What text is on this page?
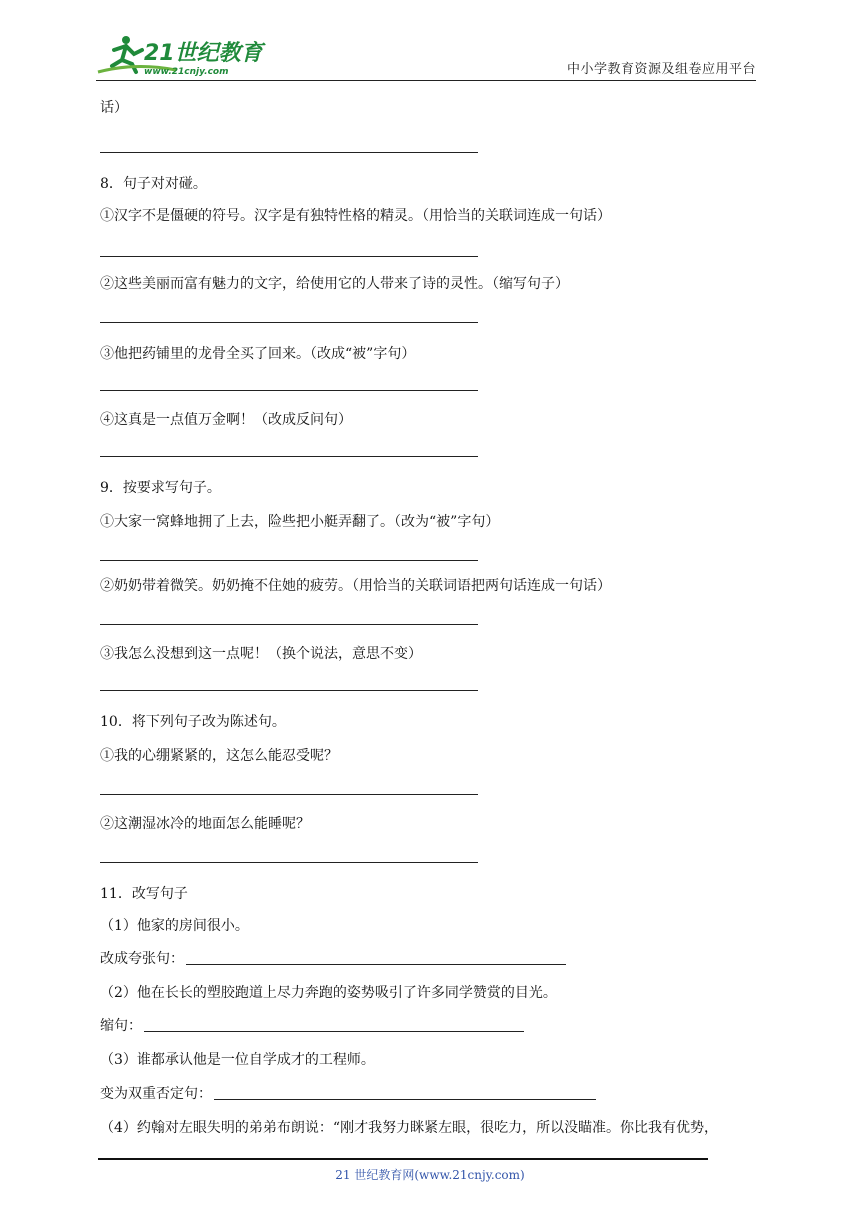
21世纪教育
www.21cnjy.com	中小学教育资源及组卷应用平台
话）
8．句子对对碰。
①汉字不是僵硬的符号。汉字是有独特性格的精灵。（用恰当的关联词连成一句话）
②这些美丽而富有魅力的文字，给使用它的人带来了诗的灵性。（缩写句子）
③他把药铺里的龙骨全买了回来。（改成“被”字句）
④这真是一点值万金啊！（改成反问句）
9．按要求写句子。
①大家一窝蜂地拥了上去，险些把小艇弄翻了。（改为“被”字句）
②奶奶带着微笑。奶奶掩不住她的疲劳。（用恰当的关联词语把两句话连成一句话）
③我怎么没想到这一点呢！（换个说法，意思不变）
10．将下列句子改为陈述句。
①我的心绷紧紧的，这怎么能忍受呢？
②这潮湿冰冷的地面怎么能睡呢？
11．改写句子
（1）他家的房间很小。
改成夸张句：
（2）他在长长的塑胶跑道上尽力奔跑的姿势吸引了许多同学赞赏的目光。
缩句：
（3）谁都承认他是一位自学成才的工程师。
变为双重否定句：
（4）约翰对左眼失明的弟弟布朗说：“刚才我努力眯紧左眼，很吃力，所以没瞄准。你比我有优势，
21 世纪教育网(www.21cnjy.com)
